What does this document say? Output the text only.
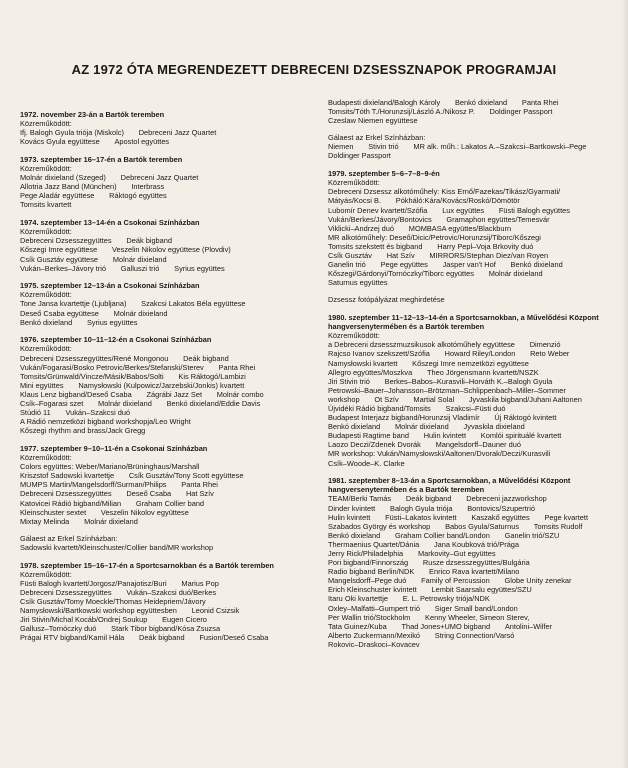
AZ 1972 ÓTA MEGRENDEZETT DEBRECENI DZSESSZNAPOK PROGRAMJAI
1972. november 23-án a Bartók teremben
Közreműködött:
Ifj. Balogh Gyula triója (Miskolc)  Debreceni Jazz Quartet
Kovács Gyula együttese  Apostol együttes
1973. szeptember 16–17-én a Bartók teremben
Közreműködött:
Molnár dixieland (Szeged)  Debreceni Jazz Quartet
Allotria Jazz Band (München)  Interbrass
Pege Aladár együttese  Ráktogó együttes
Tomsits kvartett
1974. szeptember 13–14-én a Csokonai Színházban
Közreműködött:
Debreceni Dzsesszegyüttes  Deák bigband
Kőszegi Imre együttese  Veszelin Nikolov együttese (Plovdiv)
Csík Gusztáv együttese  Molnár dixieland
Vukán–Berkes–Jávory trió  Galluszi trió  Syrius együttes
1975. szeptember 12–13-án a Csokonai Színházban
Közreműködött:
Tone Jansa kvartettje (Ljubljana)  Szakcsi Lakatos Béla együttese
Deseő Csaba együttese  Molnár dixieland
Benkó dixieland  Syrius együttes
1976. szeptember 10–11–12-én a Csokonai Színházban
Közreműködött:
Debreceni Dzsesszegyüttes/René Mongonou  Deák bigband
Vukán/Fogarasi/Bosko Petrovic/Berkes/Stefanski/Sterev  Panta Rhei
Tomsits/Grünwald/Vincze/Másik/Babos/Solti  Kis Ráktogó/Lambizi
Mini együttes  Namysłowski (Kulpowicz/Jarzebski/Jonkis) kvartett
Klaus Lenz bigband/Deseő Csaba  Zágrábi Jazz Set  Molnár combo
Csík–Fogarasi szet  Molnár dixieland  Benkó dixieland/Eddie Davis
Stúdió 11  Vukán–Szakcsi duó
A Rádió nemzetközi bigband workshopja/Leo Wright
Kőszegi rhythm and brass/Jack Gregg
1977. szeptember 9–10–11-én a Csokonai Színházban
Közreműködött:
Colors együttes: Weber/Mariano/Brüninghaus/Marshall
Kriszstof Sadowski kvartettje  Csík Gusztáv/Tony Scott együttese
MUMPS Martin/Mangelsdorff/Surman/Philips  Panta Rhei
Debreceni Dzsesszegyüttes  Deseő Csaba  Hat Szív
Katovicei Rádió bigband/Milian  Graham Collier band
Kleinschuster sextet  Veszelin Nikolov együttese
Mixtay Melinda  Molnár dixieland
Gálaest az Erkel Színházban:
Sadowski kvartett/Kleinschuster/Collier band/MR workshop
1978. szeptember 15–16–17-én a Sportcsarnokban és a Bartók teremben
Közreműködött:
Füsti Balogh kvartett/Jorgosz/Panajotisz/Buri  Marius Pop
Debreceni Dzsesszegyüttes  Vukán–Szakcsi duó/Berkes
Csík Gusztáv/Tomy Moeckle/Thomas Heidepriem/Jávory
Namysłowski/Bartkowski workshop együttesben  Leonid Csizsik
Jiri Stivin/Michal Kocáb/Ondrej Soukup  Eugen Cicero
Gallusz–Tornóczky duó  Stark Tibor bigband/Kósa Zsuzsa
Prágai RTV bigband/Kamil Hála  Deák bigband  Fusion/Deseő Csaba
Budapesti dixieland/Balogh Károly  Benkó dixieland  Panta Rhei
Tomsits/Tóth T./Horunzsij/László A./Nikosz P.  Doldinger Passport
Czeslaw Niemen együttese
Gálaest az Erkel Színházban:
Niemen  Stivin trió  MR alk. műh.: Lakatos A.–Szakcsi–Bartkowski–Pege
Doldinger Passport
1979. szeptember 5–6–7–8–9-én
Közreműködött:
Debreceni Dzsessz alkotóműhely: Kiss Ernő/Fazekas/Tikász/Gyarmati/
Mátyás/Kocsi B.  Pókháló:Kára/Kovács/Roskó/Dömötör
Lubomír Denev kvartett/Szófia  Lux együttes  Füsti Balogh együttes
Vukán/Berkes/Jávory/Bontovics  Gramaphon együttes/Temesvár
Viklicki–Andrzej duó  MOMBASA együttes/Blackburn
MR alkotóműhely: Deseő/Dicic/Petrovic/Horunzsij/Tiborc/Kőszegi
Tomsits szekstett és bigband  Harry Pepl–Voja Brkovity duó
Csík Gusztáv  Hat Szív  MIRRORS/Stephan Diez/van Royen
Ganelin trió  Pege együttes  Jasper van't Hof  Benkó dixieland
Kőszegi/Gárdonyi/Tornóczky/Tiborc együttes  Molnár dixieland
Saturnus együttes
Dzsessz fotópályázat meghirdetése
1980. szeptember 11–12–13–14-én a Sportcsarnokban, a Művelődési Központ hangversenytermében és a Bartók teremben
Közreműködött:
a Debreceni dzsesszmuzsikusok alkotóműhely együttese  Dimenzió
Rajcso Ivanov szekszett/Szófia  Howard Riley/London  Reto Weber
Namysłowski kvartett  Kőszegi Imre nemzetközi együttese
Allegro együttes/Moszkva  Theo Jörgensmann kvartett/NSZK
Jiri Stivin trió  Berkes–Babos–Kurasvili–Horváth K.–Balogh Gyula
Petrowski–Bauer–Johansson–Brötzman–Schlippenbach–Miller–Sommer
workshop  Ot Szív  Martial Solal  Jyvaskila bigband/Juhani Aaltonen
Újvidéki Rádió bigband/Tomsits  Szakcsi–Füsti duó
Budapest Interjazz bigband/Horunzsij Vladimír  Új Ráktogó kvintett
Benkó dixieland  Molnár dixieland  Jyvaskila dixieland
Budapesti Ragtime band  Hulin kvintett  Komlói spirituálé kvartett
Laozo Deczi/Zdenek Dvorák  Mangelsdorff–Dauner duó
MR workshop: Vukán/Namysłowski/Aaltonen/Dvorak/Deczi/Kurasvili
Csík–Woode–K. Clarke
1981. szeptember 8–13-án a Sportcsarnokban, a Művelődési Központ hangversenytermében és a Bartók teremben
TEAM/Berki Tamás  Deák bigband  Debreceni jazzworkshop
Dinder kvintett  Balogh Gyula triója  Bontovics/Szupertrió
Hulin kvintett  Füsti–Lakatos kvintett  Kaszakő együttes  Pege kvartett
Szabados György és workshop  Babos Gyula/Saturnus  Tomsits Rudolf
Benkó dixieland  Graham Collier band/London  Ganelin trió/SZU
Thermaenius Quartet/Dánia  Jana Koubková trió/Prága
Jerry Rick/Philadelphia  Markovity–Gut együttes
Pori bigband/Finnország  Rusze dzsesszegyüttes/Bulgária
Radio bigband Berlin/NDK  Enrico Rava kvartett/Milano
Mangelsdorff–Pege duó  Family of Percussion  Globe Unity zenekar
Erich Kleinschuster kvintett  Lembit Saarsalu együttes/SZU
Itaru Oki kvartettje  E. L. Petrowsky triója/NDK
Oxley–Malfatti–Gumpert trió  Siger Small band/London
Per Wallin trió/Stockholm  Kenny Wheeler, Simeon Sterev,
Tata Guinez/Kuba  Thad Jones+UMO bigband  Antolini–Wilfer
Alberto Zuckermann/Mexikó  String Connection/Varsó
Rokovic–Draskoci–Kovacev
